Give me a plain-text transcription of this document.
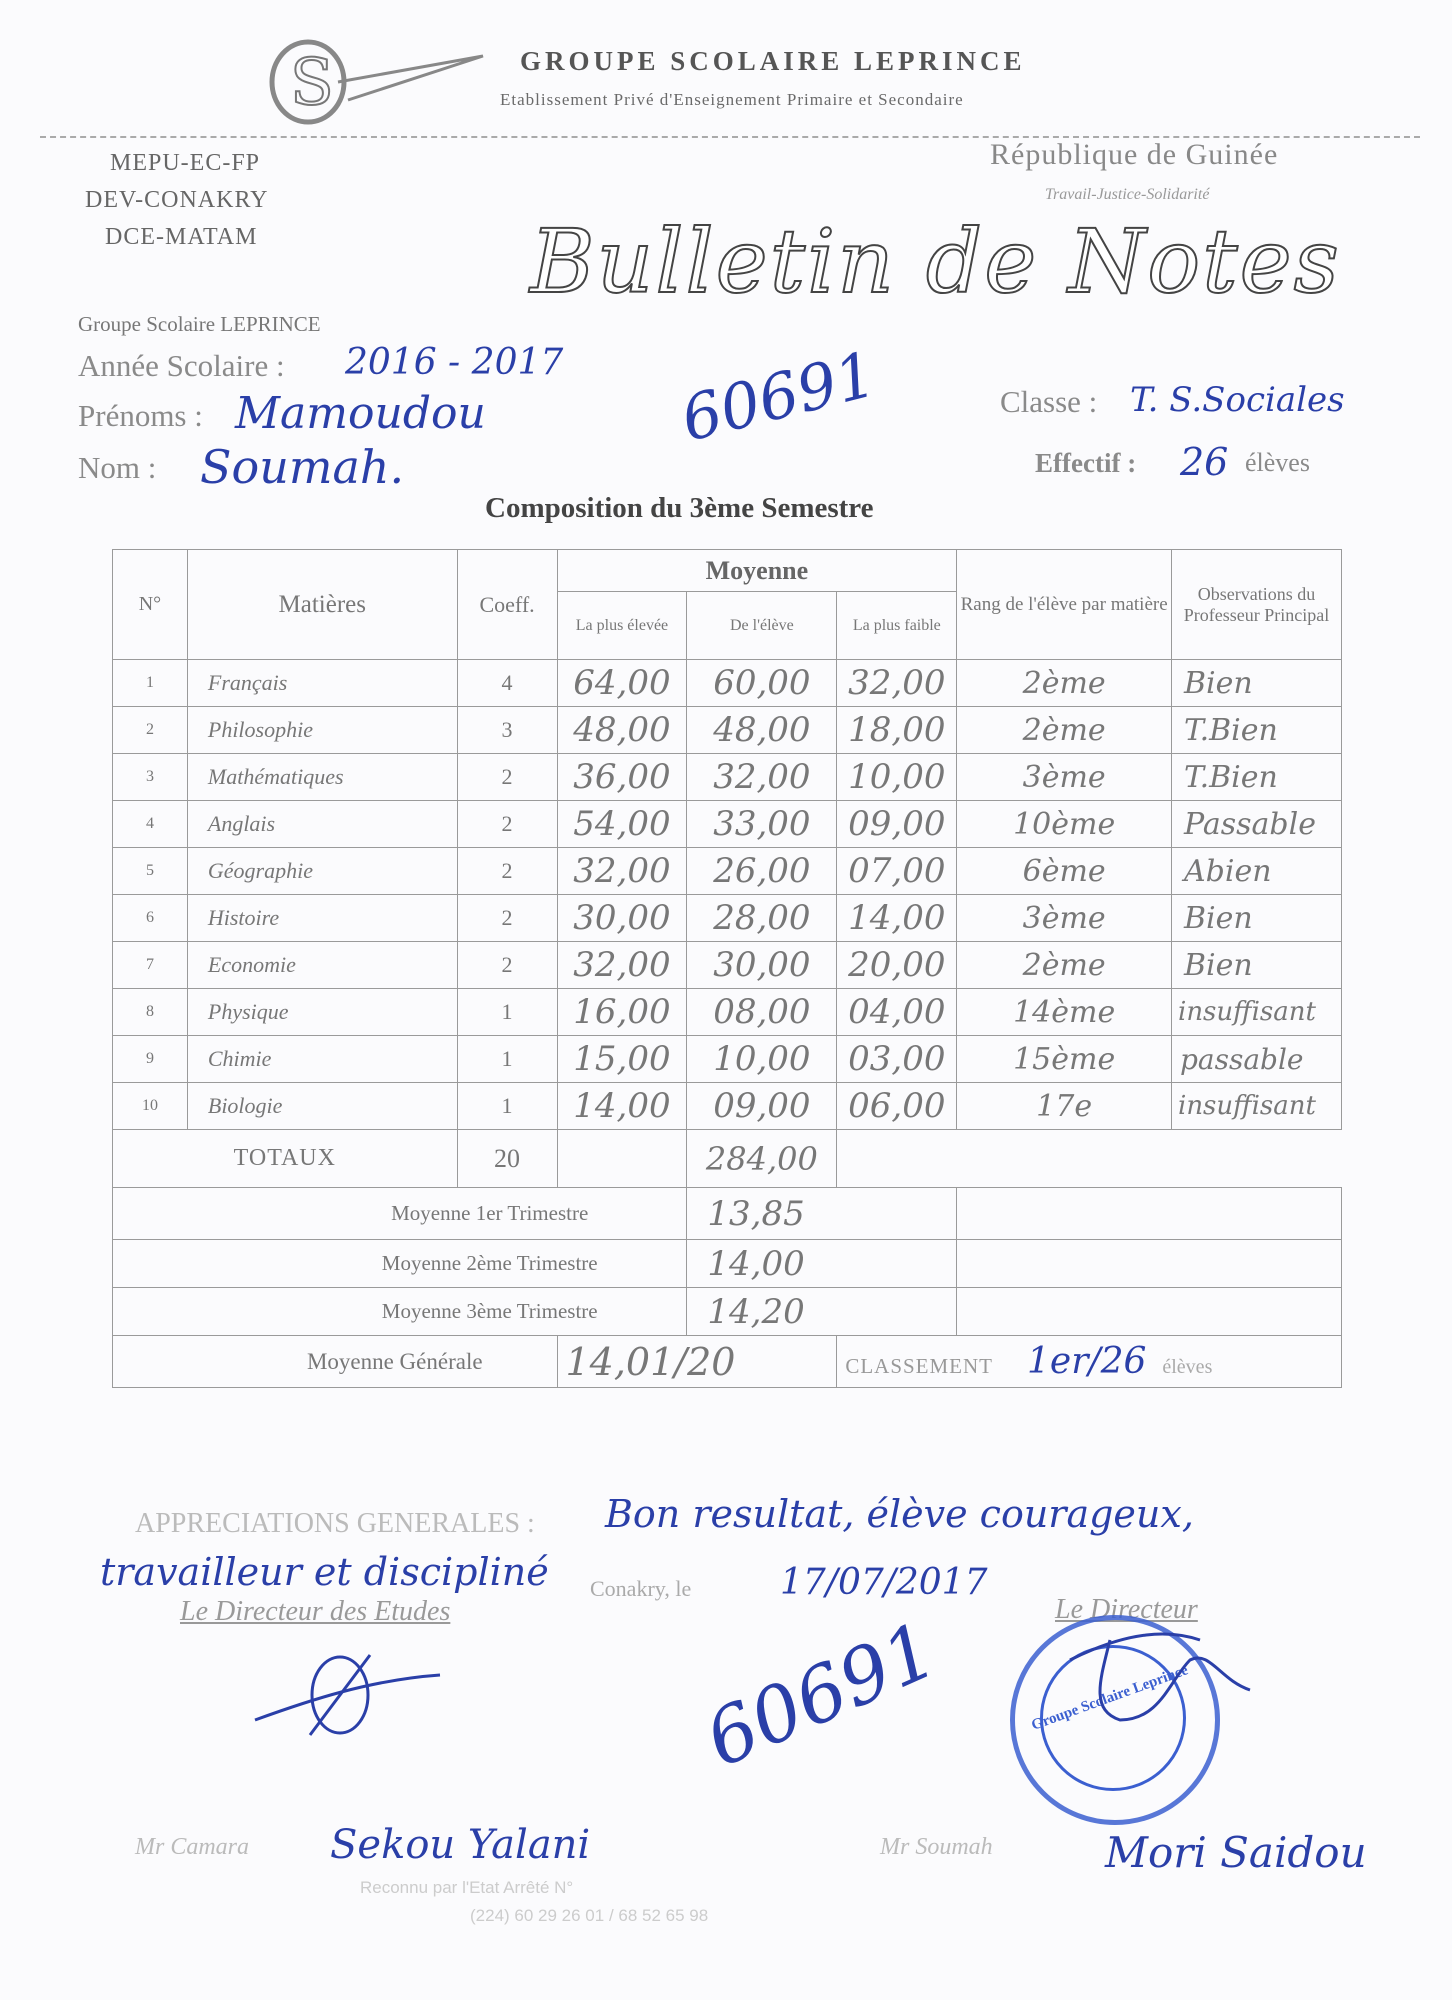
S	GROUPE SCOLAIRE LEPRINCE
Etablissement Privé d'Enseignement Primaire et Secondaire
MEPU-EC-FP
DEV-CONAKRY
DCE-MATAM
République de Guinée
Travail-Justice-Solidarité
Bulletin de Notes
Groupe Scolaire LEPRINCE
Année Scolaire : 2016 - 2017
Prénoms : Mamoudou
Nom : Soumah.
60691	Classe : T. S.Sociales
Effectif : 26 élèves
Composition du 3ème Semestre
N°	Matières	Coeff.	Moyenne			Rang de l'élève par matière	Observations du Professeur Principal
			La plus élevée	De l'élève	La plus faible		
1	Français	4	64,00	60,00	32,00	2ème	Bien
2	Philosophie	3	48,00	48,00	18,00	2ème	T.Bien
3	Mathématiques	2	36,00	32,00	10,00	3ème	T.Bien
4	Anglais	2	54,00	33,00	09,00	10ème	Passable
5	Géographie	2	32,00	26,00	07,00	6ème	Abien
6	Histoire	2	30,00	28,00	14,00	3ème	Bien
7	Economie	2	32,00	30,00	20,00	2ème	Bien
8	Physique	1	16,00	08,00	04,00	14ème	insuffisant
9	Chimie	1	15,00	10,00	03,00	15ème	passable
10	Biologie	1	14,00	09,00	06,00	17e	insuffisant
TOTAUX		20		284,00			
Moyenne 1er Trimestre				13,85			
Moyenne 2ème Trimestre				14,00			
Moyenne 3ème Trimestre				14,20			
Moyenne Générale			14,01/20		CLASSEMENT 1er/26 élèves		
APPRECIATIONS GENERALES : Bon resultat, élève courageux,
travailleur et discipliné Conakry, le 17/07/2017
Le Directeur des Etudes	Le Directeur
Groupe Scolaire Leprince
60691
Mr Camara Sekou Yalani	Mr Soumah	Mori Saidou
Reconnu par l'Etat Arrêté N°
(224) 60 29 26 01 / 68 52 65 98
